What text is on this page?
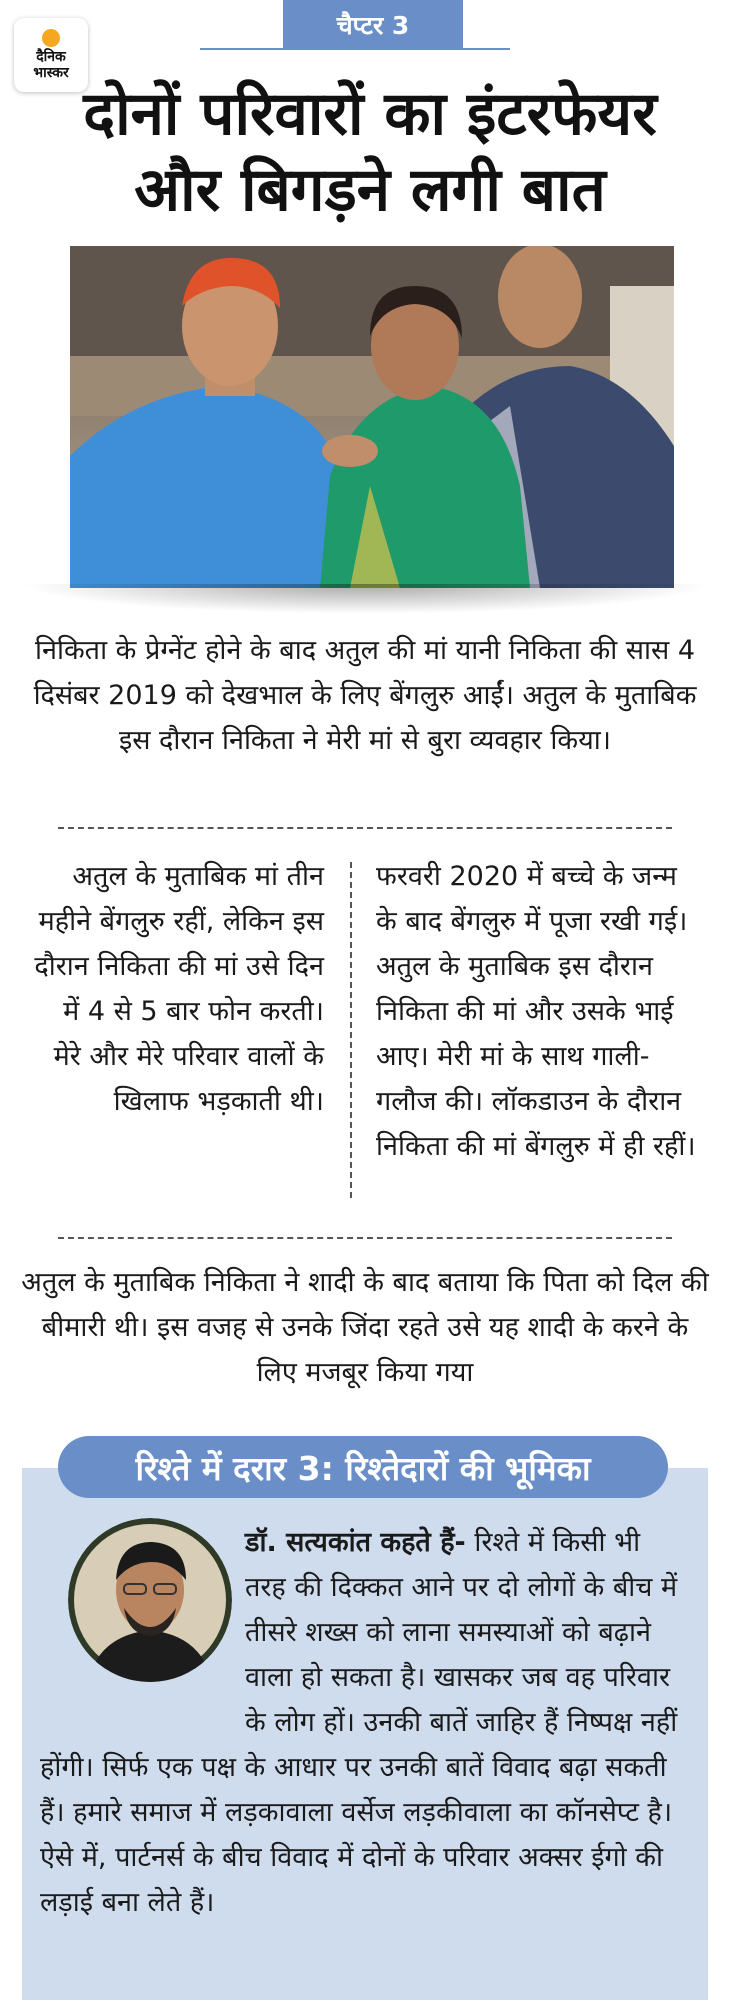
दैनिक
भास्कर
चैप्टर 3
दोनों परिवारों का इंटरफेयर और बिगड़ने लगी बात
निकिता के प्रेग्नेंट होने के बाद अतुल की मां यानी निकिता की सास 4 दिसंबर 2019 को देखभाल के लिए बेंगलुरु आईं। अतुल के मुताबिक इस दौरान निकिता ने मेरी मां से बुरा व्यवहार किया।
अतुल के मुताबिक मां तीन महीने बेंगलुरु रहीं, लेकिन इस दौरान निकिता की मां उसे दिन में 4 से 5 बार फोन करती। मेरे और मेरे परिवार वालों के खिलाफ भड़काती थी।
फरवरी 2020 में बच्चे के जन्म के बाद बेंगलुरु में पूजा रखी गई। अतुल के मुताबिक इस दौरान निकिता की मां और उसके भाई आए। मेरी मां के साथ गाली-गलौज की। लॉकडाउन के दौरान निकिता की मां बेंगलुरु में ही रहीं।
अतुल के मुताबिक निकिता ने शादी के बाद बताया कि पिता को दिल की बीमारी थी। इस वजह से उनके जिंदा रहते उसे यह शादी के करने के लिए मजबूर किया गया
रिश्ते में दरार 3: रिश्तेदारों की भूमिका
डॉ. सत्यकांत कहते हैं- रिश्ते में किसी भी तरह की दिक्कत आने पर दो लोगों के बीच में तीसरे शख्स को लाना समस्याओं को बढ़ाने वाला हो सकता है। खासकर जब वह परिवार के लोग हों। उनकी बातें जाहिर हैं निष्पक्ष नहीं होंगी। सिर्फ एक पक्ष के आधार पर उनकी बातें विवाद बढ़ा सकती हैं। हमारे समाज में लड़कावाला वर्सेज लड़कीवाला का कॉनसेप्ट है। ऐसे में, पार्टनर्स के बीच विवाद में दोनों के परिवार अक्सर ईगो की लड़ाई बना लेते हैं।
